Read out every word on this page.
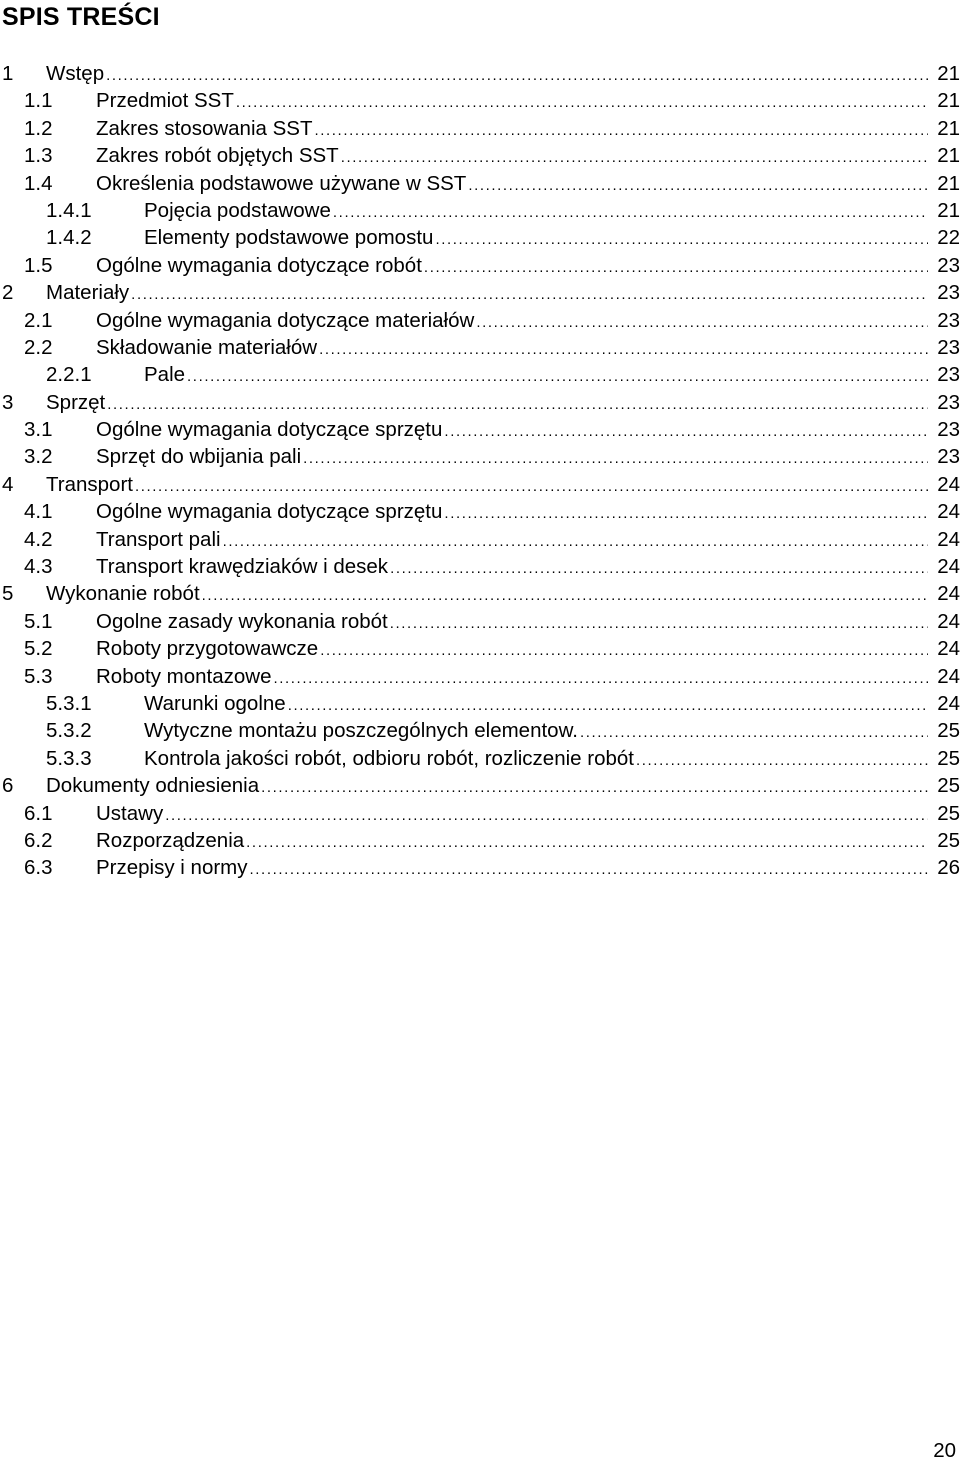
SPIS TREŚCI
1 Wstęp .....	21
1.1 Przedmiot SST .....	21
1.2 Zakres stosowania SST .....	21
1.3 Zakres robót objętych SST .....	21
1.4 Określenia podstawowe używane w SST .....	21
1.4.1	Pojęcia podstawowe .....	21
1.4.2	Elementy podstawowe pomostu .....	22
1.5 Ogólne wymagania dotyczące robót .....	23
2 Materiały .....	23
2.1 Ogólne wymagania dotyczące materiałów .....	23
2.2 Składowanie materiałów .....	23
2.2.1	Pale .....	23
3 Sprzęt .....	23
3.1 Ogólne wymagania dotyczące sprzętu .....	23
3.2 Sprzęt do wbijania pali .....	23
4 Transport .....	24
4.1 Ogólne wymagania dotyczące sprzętu .....	24
4.2 Transport pali .....	24
4.3 Transport krawędziaków i desek .....	24
5 Wykonanie robót .....	24
5.1 Ogolne zasady wykonania robót .....	24
5.2 Roboty przygotowawcze .....	24
5.3 Roboty montazowe .....	24
5.3.1	Warunki ogolne .....	24
5.3.2	Wytyczne montażu poszczególnych elementow. .....	25
5.3.3	Kontrola jakości robót, odbioru robót, rozliczenie robót .....	25
6 Dokumenty odniesienia .....	25
6.1 Ustawy .....	25
6.2 Rozporządzenia .....	25
6.3 Przepisy i normy .....	26
20
